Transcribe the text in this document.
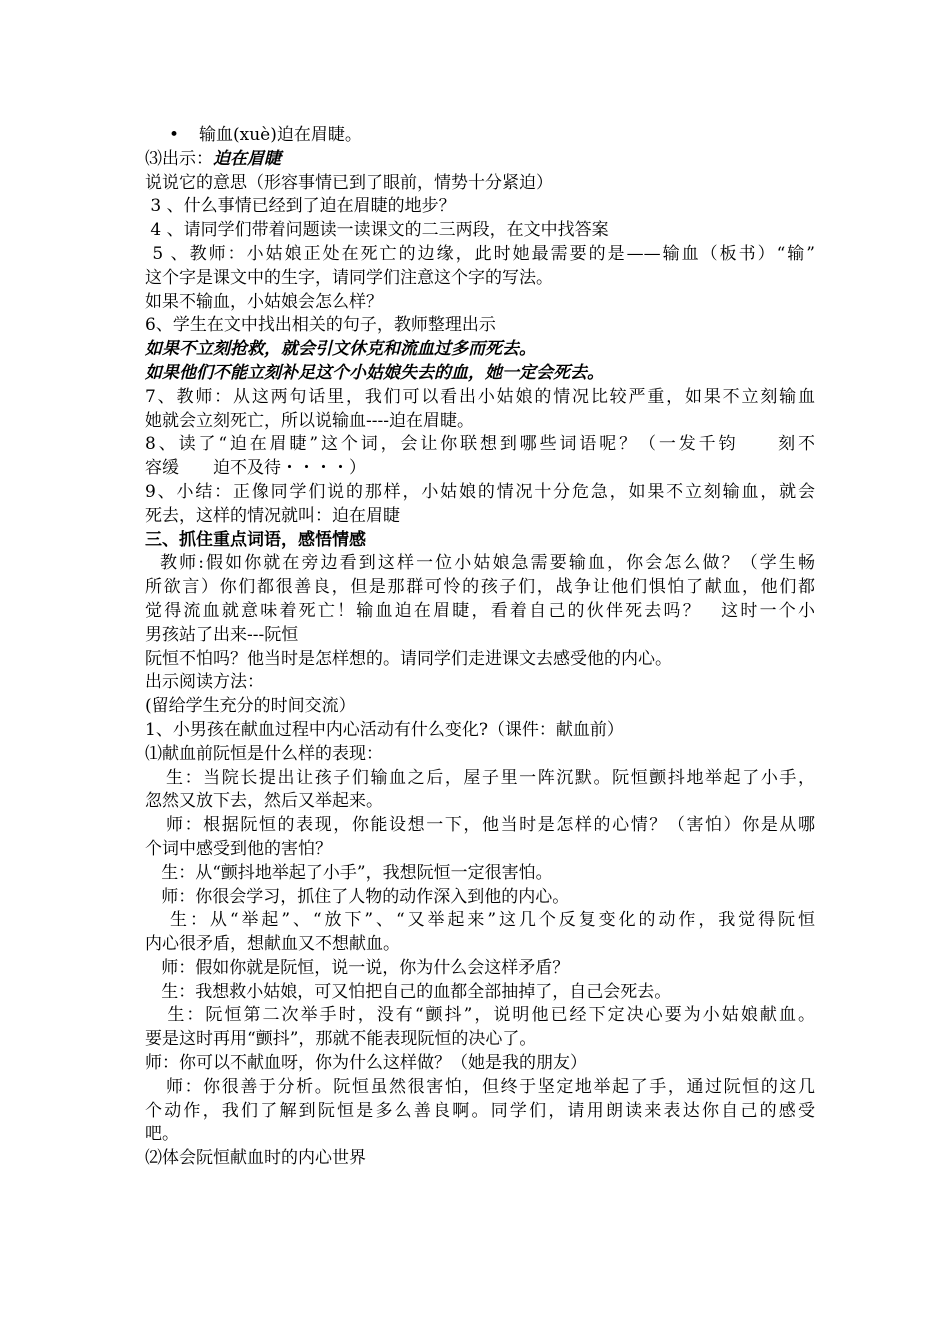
• 输血(xuè)迫在眉睫。

⑶出示：迫在眉睫

说说它的意思（形容事情已到了眼前，情势十分紧迫）

3 、什么事情已经到了迫在眉睫的地步？

4 、请同学们带着问题读一读课文的二三两段，在文中找答案

5 、教师：小姑娘正处在死亡的边缘，此时她最需要的是——输血（板书）“输”

这个字是课文中的生字，请同学们注意这个字的写法。

如果不输血，小姑娘会怎么样？

6、学生在文中找出相关的句子，教师整理出示

如果不立刻抢救，就会引文休克和流血过多而死去。

如果他们不能立刻补足这个小姑娘失去的血，她一定会死去。

7、教师：从这两句话里，我们可以看出小姑娘的情况比较严重，如果不立刻输血

她就会立刻死亡，所以说输血----迫在眉睫。

8、读了“迫在眉睫”这个词，会让你联想到哪些词语呢？（一发千钧　　刻不

容缓　　迫不及待・・・・）

9、小结：正像同学们说的那样，小姑娘的情况十分危急，如果不立刻输血，就会

死去，这样的情况就叫：迫在眉睫

三、抓住重点词语，感悟情感

教师:假如你就在旁边看到这样一位小姑娘急需要输血，你会怎么做？（学生畅

所欲言）你们都很善良，但是那群可怜的孩子们，战争让他们惧怕了献血，他们都

觉得流血就意味着死亡！输血迫在眉睫，看着自己的伙伴死去吗？　这时一个小

男孩站了出来---阮恒

阮恒不怕吗？他当时是怎样想的。请同学们走进课文去感受他的内心。

出示阅读方法：

(留给学生充分的时间交流）

1、小男孩在献血过程中内心活动有什么变化?（课件：献血前）

⑴献血前阮恒是什么样的表现：

生：当院长提出让孩子们输血之后，屋子里一阵沉默。阮恒颤抖地举起了小手，

忽然又放下去，然后又举起来。

师：根据阮恒的表现，你能设想一下，他当时是怎样的心情？（害怕）你是从哪

个词中感受到他的害怕？

生：从“颤抖地举起了小手”，我想阮恒一定很害怕。

师：你很会学习，抓住了人物的动作深入到他的内心。

生：从“举起”、“放下”、“又举起来”这几个反复变化的动作，我觉得阮恒

内心很矛盾，想献血又不想献血。

师：假如你就是阮恒，说一说，你为什么会这样矛盾？

生：我想救小姑娘，可又怕把自己的血都全部抽掉了，自己会死去。

生：阮恒第二次举手时，没有“颤抖”，说明他已经下定决心要为小姑娘献血。

要是这时再用“颤抖”，那就不能表现阮恒的决心了。

师：你可以不献血呀，你为什么这样做？（她是我的朋友）

师：你很善于分析。阮恒虽然很害怕，但终于坚定地举起了手，通过阮恒的这几

个动作，我们了解到阮恒是多么善良啊。同学们，请用朗读来表达你自己的感受

吧。

⑵体会阮恒献血时的内心世界
